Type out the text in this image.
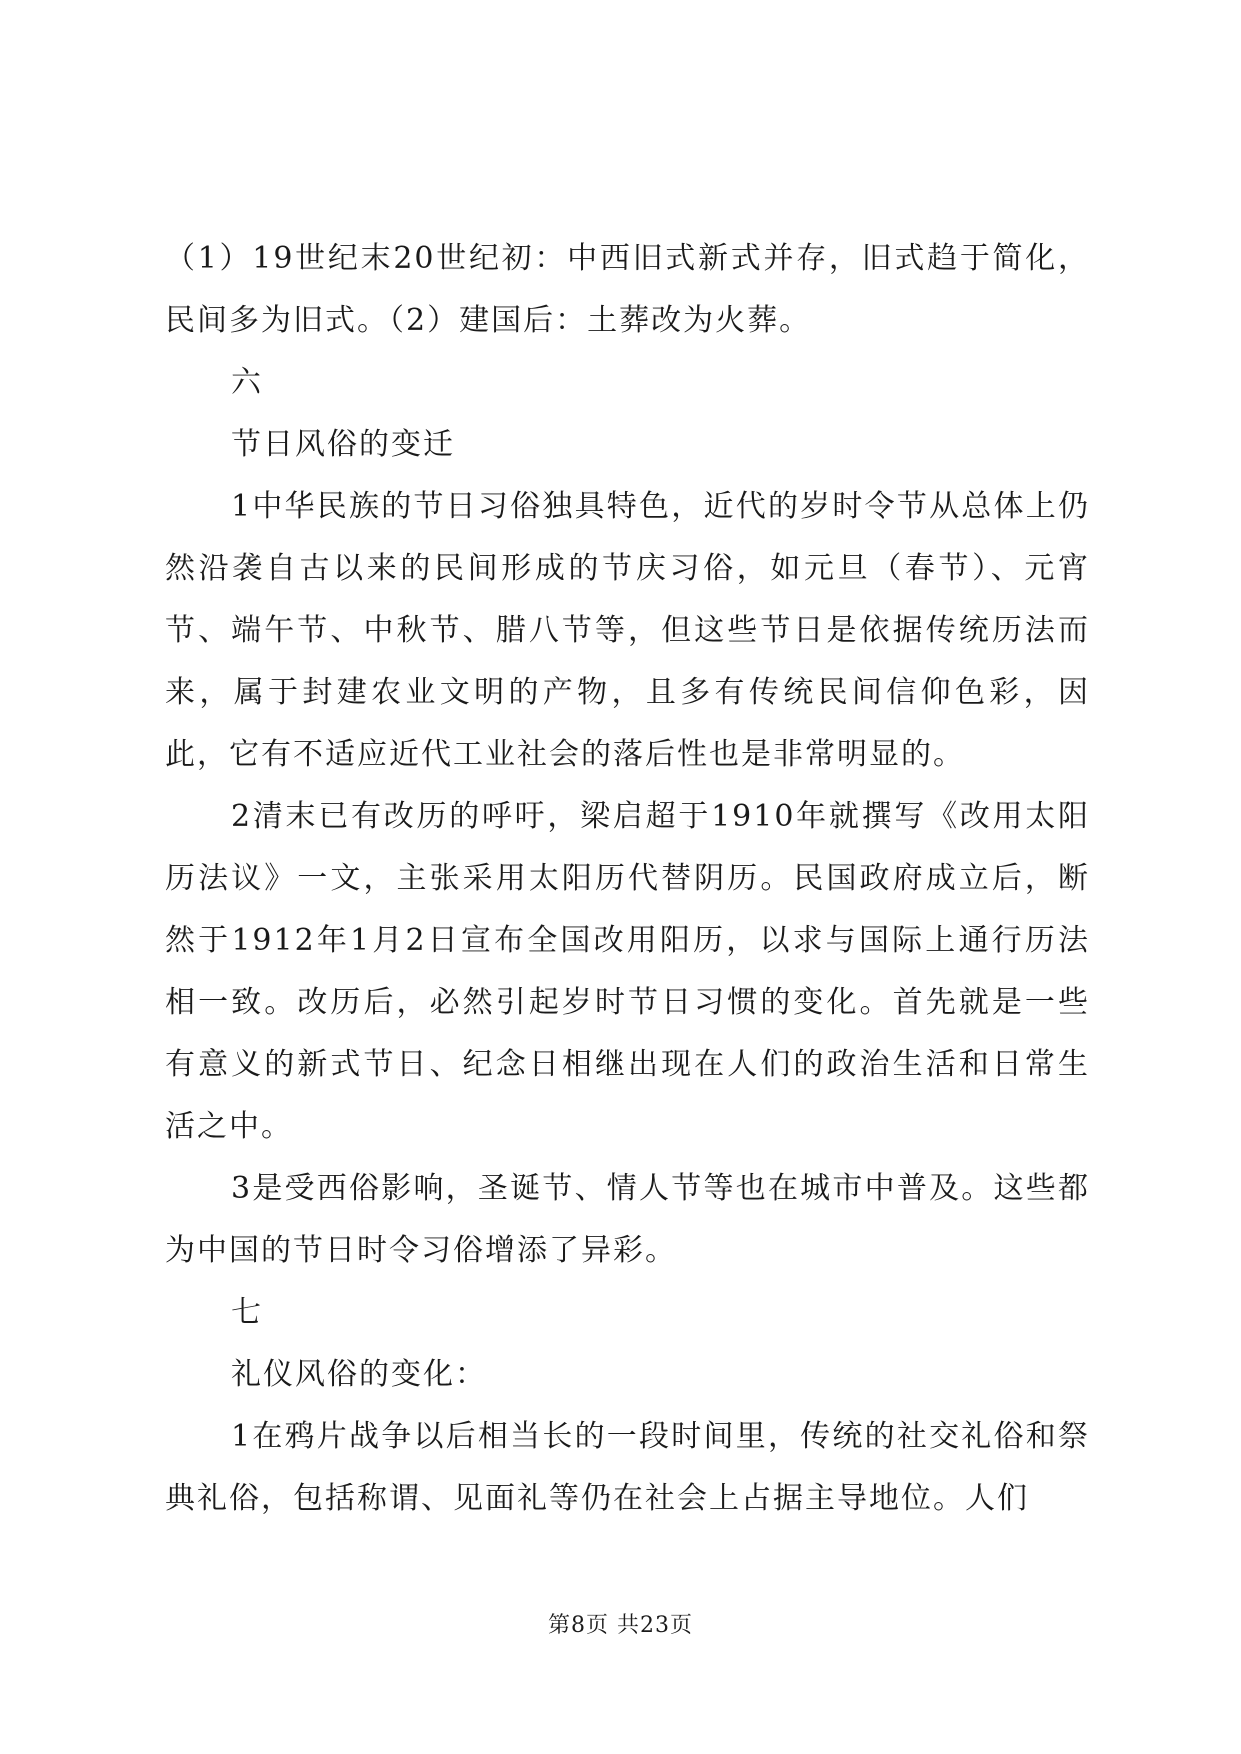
（1）19世纪末20世纪初：中西旧式新式并存，旧式趋于简化，民间多为旧式。（2）建国后：土葬改为火葬。

六

节日风俗的变迁

1中华民族的节日习俗独具特色，近代的岁时令节从总体上仍然沿袭自古以来的民间形成的节庆习俗，如元旦（春节）、元宵节、端午节、中秋节、腊八节等，但这些节日是依据传统历法而来，属于封建农业文明的产物，且多有传统民间信仰色彩，因此，它有不适应近代工业社会的落后性也是非常明显的。

2清末已有改历的呼吁，梁启超于1910年就撰写《改用太阳历法议》一文，主张采用太阳历代替阴历。民国政府成立后，断然于1912年1月2日宣布全国改用阳历，以求与国际上通行历法相一致。改历后，必然引起岁时节日习惯的变化。首先就是一些有意义的新式节日、纪念日相继出现在人们的政治生活和日常生活之中。

3是受西俗影响，圣诞节、情人节等也在城市中普及。这些都为中国的节日时令习俗增添了异彩。

七

礼仪风俗的变化：

1在鸦片战争以后相当长的一段时间里，传统的社交礼俗和祭典礼俗，包括称谓、见面礼等仍在社会上占据主导地位。人们

第8页 共23页
